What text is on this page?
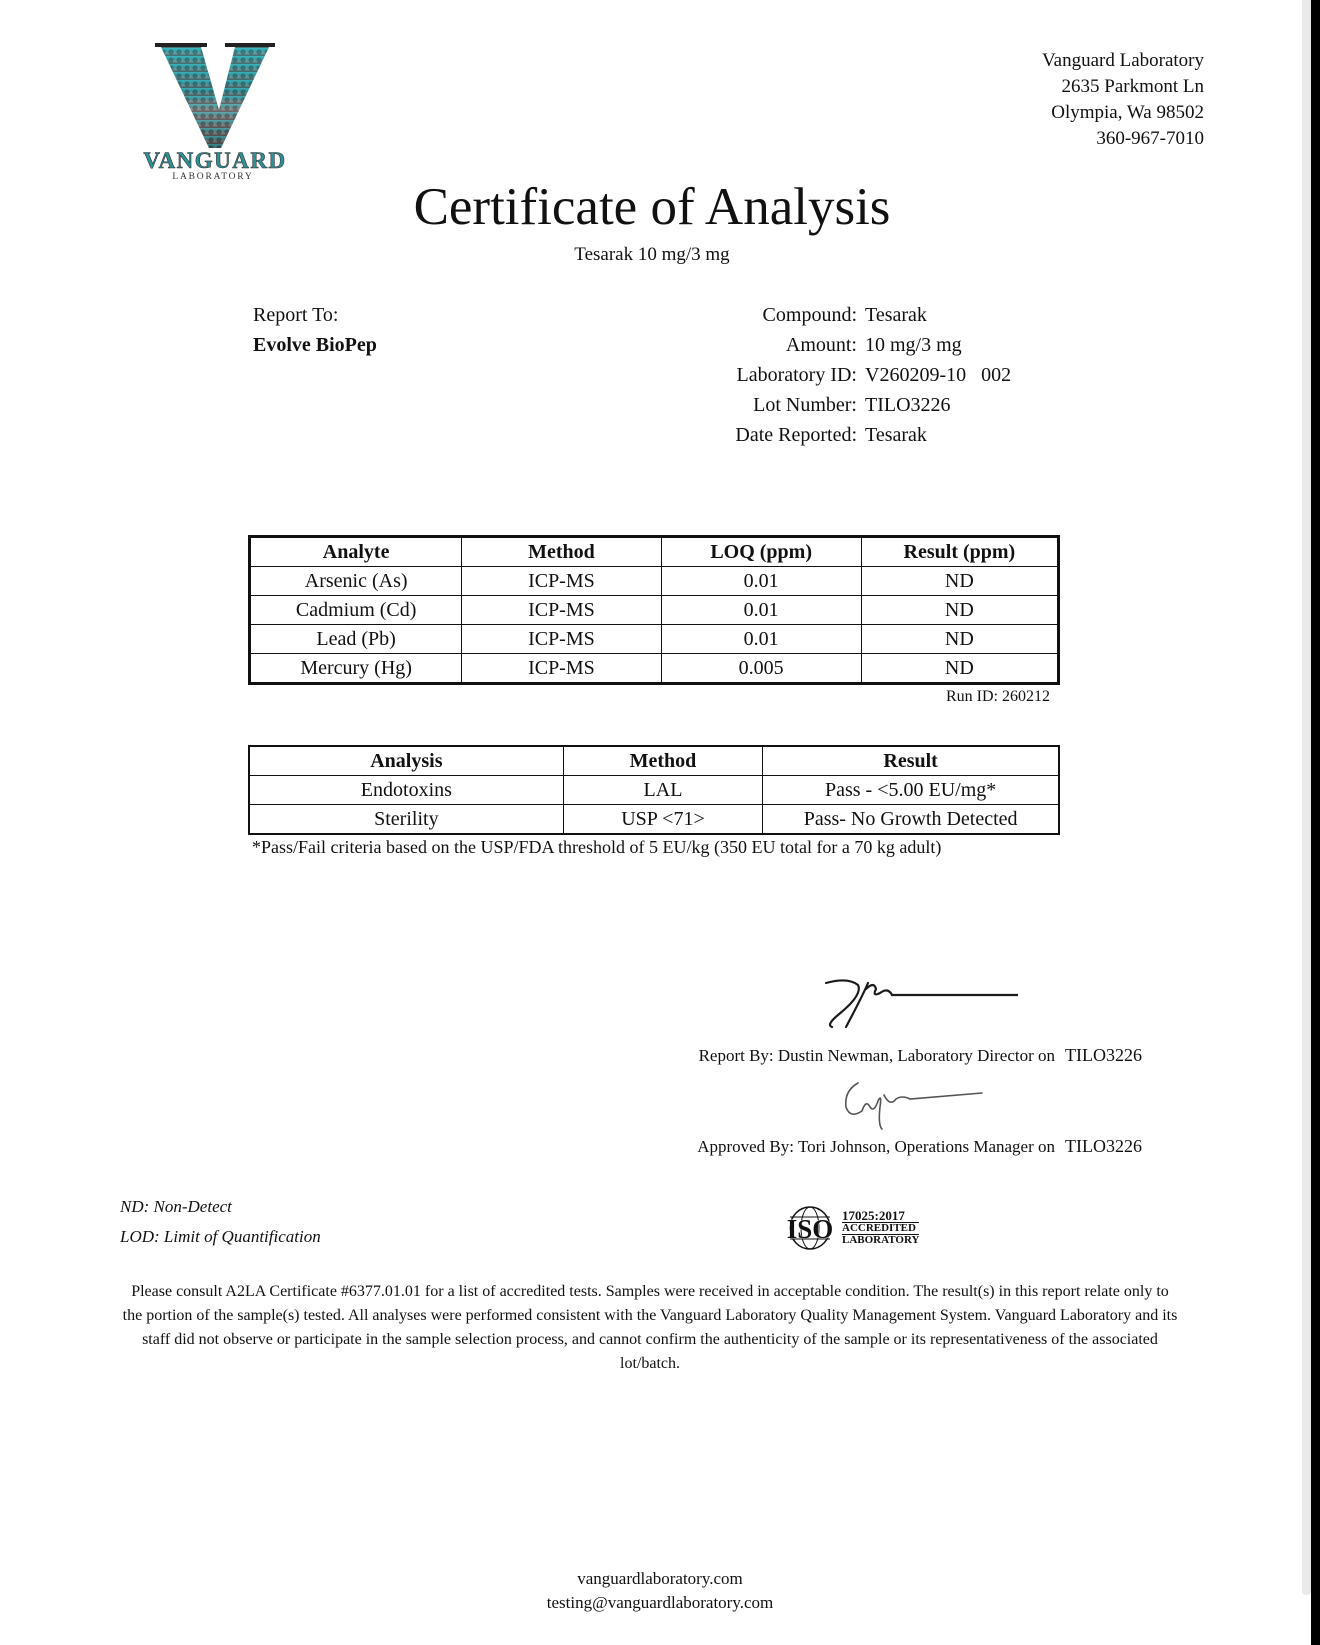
VANGUARD
LABORATORY
Vanguard Laboratory
2635 Parkmont Ln
Olympia, Wa 98502
360-967-7010
Certificate of Analysis
Tesarak 10 mg/3 mg
Report To:
Evolve BioPep
Compound: Tesarak
Amount: 10 mg/3 mg
Laboratory ID: V260209-10   002
Lot Number: TILO3226
Date Reported: Tesarak
Analyte	Method	LOQ (ppm)	Result (ppm)
Arsenic (As)	ICP-MS	0.01	ND
Cadmium (Cd)	ICP-MS	0.01	ND
Lead (Pb)	ICP-MS	0.01	ND
Mercury (Hg)	ICP-MS	0.005	ND
Run ID: 260212
Analysis	Method	Result
Endotoxins	LAL	Pass - <5.00 EU/mg*
Sterility	USP <71>	Pass- No Growth Detected
*Pass/Fail criteria based on the USP/FDA threshold of 5 EU/kg (350 EU total for a 70 kg adult)
Report By: Dustin Newman, Laboratory Director on TILO3226
Approved By: Tori Johnson, Operations Manager on TILO3226
ND: Non-Detect
LOD: Limit of Quantification	ISO 17025:2017
ACCREDITED
LABORATORY
Please consult A2LA Certificate #6377.01.01 for a list of accredited tests. Samples were received in acceptable condition. The result(s) in this report relate only to the portion of the sample(s) tested. All analyses were performed consistent with the Vanguard Laboratory Quality Management System. Vanguard Laboratory and its staff did not observe or participate in the sample selection process, and cannot confirm the authenticity of the sample or its representativeness of the associated lot/batch.
vanguardlaboratory.com
testing@vanguardlaboratory.com
